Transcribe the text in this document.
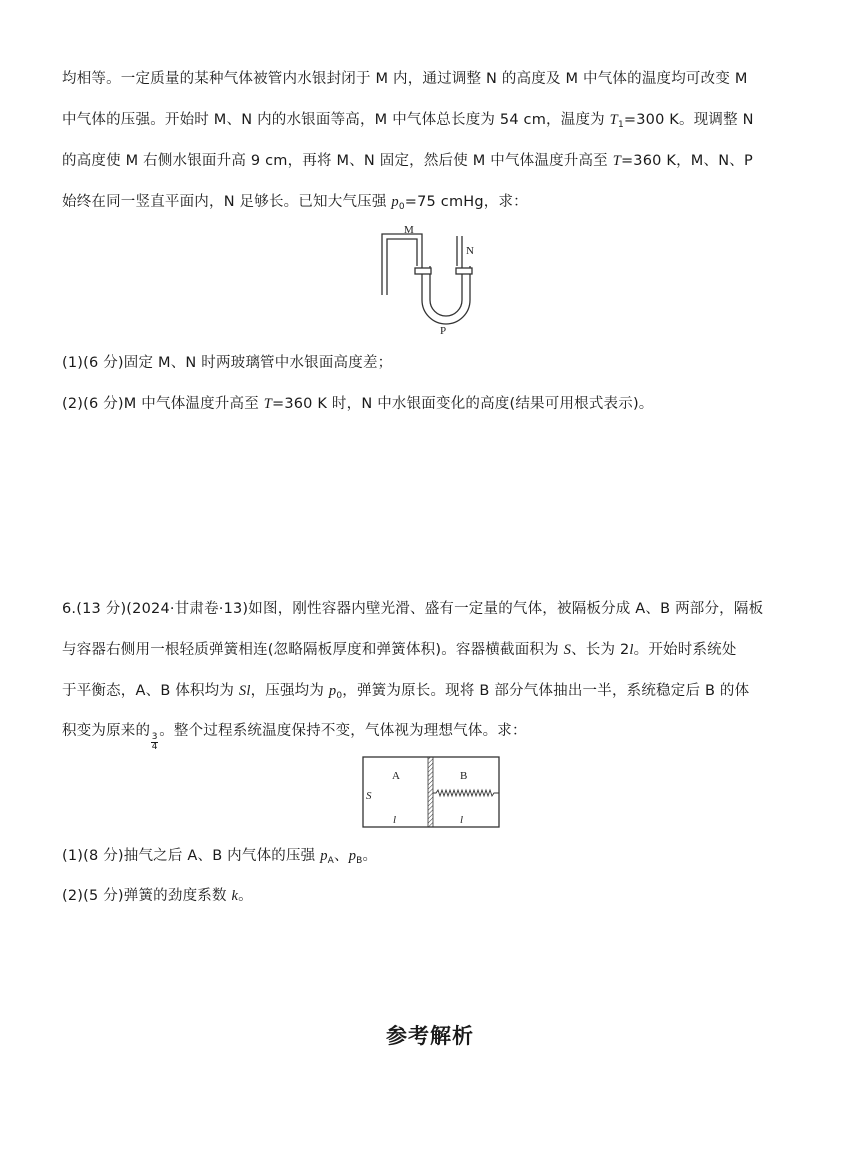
均相等。一定质量的某种气体被管内水银封闭于 M 内，通过调整 N 的高度及 M 中气体的温度均可改变 M
中气体的压强。开始时 M、N 内的水银面等高，M 中气体总长度为 54 cm，温度为 $T_1=300$ K。现调整 N
的高度使 M 右侧水银面升高 9 cm，再将 M、N 固定，然后使 M 中气体温度升高至 T=360 K，M、N、P
始终在同一竖直平面内，N 足够长。已知大气压强 $p_0=75$ cmHg，求：
M
N
P
(1)(6 分)固定 M、N 时两玻璃管中水银面高度差；
(2)(6 分)M 中气体温度升高至 T=360 K 时，N 中水银面变化的高度(结果可用根式表示)。
6.(13 分)(2024·甘肃卷·13)如图，刚性容器内壁光滑、盛有一定量的气体，被隔板分成 A、B 两部分，隔板
与容器右侧用一根轻质弹簧相连(忽略隔板厚度和弹簧体积)。容器横截面积为 S、长为 2l。开始时系统处
于平衡态，A、B 体积均为 Sl，压强均为 $p_0$，弹簧为原长。现将 B 部分气体抽出一半，系统稳定后 B 的体
积变为原来的
$\frac{3}{4}$
。整个过程系统温度保持不变，气体视为理想气体。求：
A	B
S
l	l
(1)(8 分)抽气之后 A、B 内气体的压强 $p_A$、$p_B$。
(2)(5 分)弹簧的劲度系数 k。
参考解析
